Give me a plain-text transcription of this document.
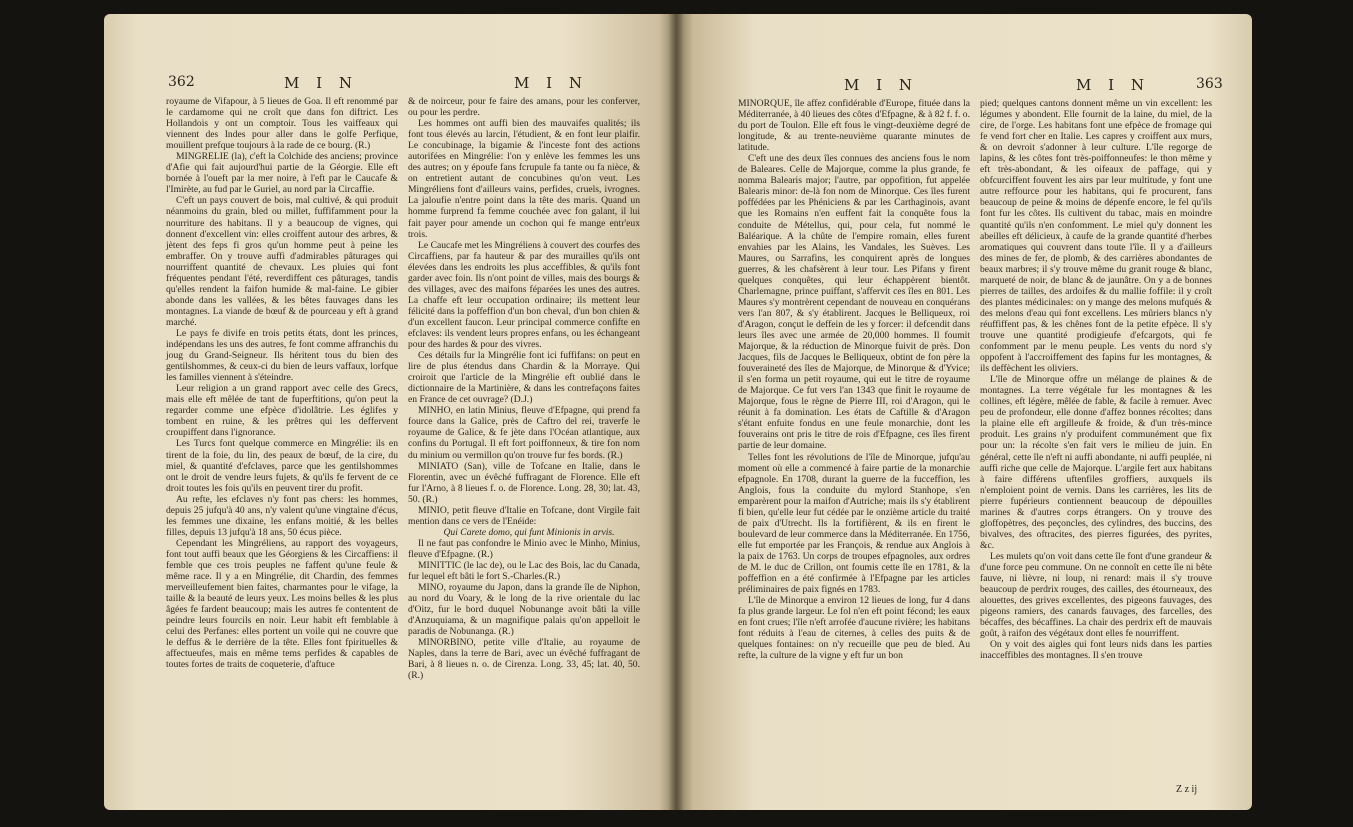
362	M I N	M I N

royaume de Vifapour, à 5 lieues de Goa. Il eft renommé par le cardamome qui ne croît que dans fon diftrict. Les Hollandois y ont un comptoir. Tous les vaiffeaux qui viennent des Indes pour aller dans le golfe Perfique, mouillent prefque toujours à la rade de ce bourg. (R.)

MINGRELIE (la), c'eft la Colchide des anciens; province d'Afie qui fait aujourd'hui partie de la Géorgie. Elle eft bornée à l'oueft par la mer noire, à l'eft par le Caucafe & l'Imirète, au fud par le Guriel, au nord par la Circaffie.

C'eft un pays couvert de bois, mal cultivé, & qui produit néanmoins du grain, bled ou millet, fuffifamment pour la nourriture des habitans. Il y a beaucoup de vignes, qui donnent d'excellent vin: elles croiffent autour des arbres, & jètent des feps fi gros qu'un homme peut à peine les embraffer. On y trouve auffi d'admirables pâturages qui nourriffent quantité de chevaux. Les pluies qui font fréquentes pendant l'été, reverdiffent ces pâturages, tandis qu'elles rendent la faifon humide & mal-faine. Le gibier abonde dans les vallées, & les bêtes fauvages dans les montagnes. La viande de bœuf & de pourceau y eft à grand marché.

Le pays fe divife en trois petits états, dont les princes, indépendans les uns des autres, fe font comme affranchis du joug du Grand-Seigneur. Ils héritent tous du bien des gentilshommes, & ceux-ci du bien de leurs vaffaux, lorfque les familles viennent à s'éteindre.

Leur religion a un grand rapport avec celle des Grecs, mais elle eft mêlée de tant de fuperftitions, qu'on peut la regarder comme une efpèce d'idolâtrie. Les églifes y tombent en ruine, & les prêtres qui les deffervent croupiffent dans l'ignorance.

Les Turcs font quelque commerce en Mingrélie: ils en tirent de la foie, du lin, des peaux de bœuf, de la cire, du miel, & quantité d'efclaves, parce que les gentilshommes ont le droit de vendre leurs fujets, & qu'ils fe fervent de ce droit toutes les fois qu'ils en peuvent tirer du profit.

Au refte, les efclaves n'y font pas chers: les hommes, depuis 25 jufqu'à 40 ans, n'y valent qu'une vingtaine d'écus, les femmes une dixaine, les enfans moitié, & les belles filles, depuis 13 jufqu'à 18 ans, 50 écus pièce.

Cependant les Mingréliens, au rapport des voyageurs, font tout auffi beaux que les Géorgiens & les Circaffiens: il femble que ces trois peuples ne faffent qu'une feule & même race. Il y a en Mingrélie, dit Chardin, des femmes merveilleufement bien faites, charmantes pour le vifage, la taille & la beauté de leurs yeux. Les moins belles & les plus âgées fe fardent beaucoup; mais les autres fe contentent de peindre leurs fourcils en noir. Leur habit eft femblable à celui des Perfanes: elles portent un voile qui ne couvre que le deffus & le derrière de la tête. Elles font fpirituelles & affectueufes, mais en même tems perfides & capables de toutes fortes de traits de coqueterie, d'aftuce

& de noirceur, pour fe faire des amans, pour les conferver, ou pour les perdre.

Les hommes ont auffi bien des mauvaifes qualités; ils font tous élevés au larcin, l'étudient, & en font leur plaifir. Le concubinage, la bigamie & l'inceste font des actions autorifées en Mingrélie: l'on y enlève les femmes les uns des autres; on y époufe fans fcrupule fa tante ou fa nièce, & on entretient autant de concubines qu'on veut. Les Mingréliens font d'ailleurs vains, perfides, cruels, ivrognes. La jaloufie n'entre point dans la tête des maris. Quand un homme furprend fa femme couchée avec fon galant, il lui fait payer pour amende un cochon qui fe mange entr'eux trois.

Le Caucafe met les Mingréliens à couvert des courfes des Circaffiens, par fa hauteur & par des murailles qu'ils ont élevées dans les endroits les plus acceffibles, & qu'ils font garder avec foin. Ils n'ont point de villes, mais des bourgs & des villages, avec des maifons féparées les unes des autres. La chaffe eft leur occupation ordinaire; ils mettent leur félicité dans la poffeffion d'un bon cheval, d'un bon chien & d'un excellent faucon. Leur principal commerce confifte en efclaves: ils vendent leurs propres enfans, ou les échangeant pour des hardes & pour des vivres.

Ces détails fur la Mingrélie font ici fuffifans: on peut en lire de plus étendus dans Chardin & la Morraye. Qui croiroit que l'article de la Mingrélie eft oublié dans le dictionnaire de la Martinière, & dans les contrefaçons faites en France de cet ouvrage? (D.J.)

MINHO, en latin Minius, fleuve d'Efpagne, qui prend fa fource dans la Galice, près de Caftro del rei, traverfe le royaume de Galice, & fe jète dans l'Océan atlantique, aux confins du Portugal. Il eft fort poiffonneux, & tire fon nom du minium ou vermillon qu'on trouve fur fes bords. (R.)

MINIATO (San), ville de Tofcane en Italie, dans le Florentin, avec un évêché fuffragant de Florence. Elle eft fur l'Arno, à 8 lieues f. o. de Florence. Long. 28, 30; lat. 43, 50. (R.)

MINIO, petit fleuve d'Italie en Tofcane, dont Virgile fait mention dans ce vers de l'Enéide:

Qui Carete domo, qui funt Minionis in arvis.

Il ne faut pas confondre le Minio avec le Minho, Minius, fleuve d'Efpagne. (R.)

MINITTIC (le lac de), ou le Lac des Bois, lac du Canada, fur lequel eft bâti le fort S.-Charles.(R.)

MINO, royaume du Japon, dans la grande île de Niphon, au nord du Voary, & le long de la rive orientale du lac d'Oitz, fur le bord duquel Nobunange avoit bâti la ville d'Anzuquiama, & un magnifique palais qu'on appelloit le paradis de Nobunanga. (R.)

MINORBINO, petite ville d'Italie, au royaume de Naples, dans la terre de Bari, avec un évêché fuffragant de Bari, à 8 lieues n. o. de Cirenza. Long. 33, 45; lat. 40, 50. (R.)

M I N	M I N	363

MINORQUE, île affez confidérable d'Europe, fituée dans la Méditerranée, à 40 lieues des côtes d'Efpagne, & à 82 f. f. o. du port de Toulon. Elle eft fous le vingt-deuxième degré de longitude, & au trente-neuvième quarante minutes de latitude.

C'eft une des deux îles connues des anciens fous le nom de Baleares. Celle de Majorque, comme la plus grande, fe nomma Balearis major; l'autre, par oppofition, fut appelée Balearis minor: de-là fon nom de Minorque. Ces îles furent poffédées par les Phéniciens & par les Carthaginois, avant que les Romains n'en euffent fait la conquête fous la conduite de Métellus, qui, pour cela, fut nommé le Baléarique. A la chûte de l'empire romain, elles furent envahies par les Alains, les Vandales, les Suèves. Les Maures, ou Sarrafins, les conquirent après de longues guerres, & les chafsèrent à leur tour. Les Pifans y firent quelques conquêtes, qui leur échappèrent bientôt. Charlemagne, prince puiffant, s'affervit ces îles en 801. Les Maures s'y montrèrent cependant de nouveau en conquérans vers l'an 807, & s'y établirent. Jacques le Belliqueux, roi d'Aragon, conçut le deffein de les y forcer: il defcendit dans leurs îles avec une armée de 20,000 hommes. Il foumit Majorque, & la réduction de Minorque fuivit de près. Don Jacques, fils de Jacques le Belliqueux, obtint de fon père la fouveraineté des îles de Majorque, de Minorque & d'Yvice; il s'en forma un petit royaume, qui eut le titre de royaume de Majorque. Ce fut vers l'an 1343 que finit le royaume de Majorque, fous le règne de Pierre III, roi d'Aragon, qui le réunit à fa domination. Les états de Caftille & d'Aragon s'étant enfuite fondus en une feule monarchie, dont les fouverains ont pris le titre de rois d'Efpagne, ces îles firent partie de leur domaine.

Telles font les révolutions de l'île de Minorque, jufqu'au moment où elle a commencé à faire partie de la monarchie efpagnole. En 1708, durant la guerre de la fucceffion, les Anglois, fous la conduite du mylord Stanhope, s'en emparèrent pour la maifon d'Autriche; mais ils s'y établirent fi bien, qu'elle leur fut cédée par le onzième article du traité de paix d'Utrecht. Ils la fortifièrent, & ils en firent le boulevard de leur commerce dans la Méditerranée. En 1756, elle fut emportée par les François, & rendue aux Anglois à la paix de 1763. Un corps de troupes efpagnoles, aux ordres de M. le duc de Crillon, ont foumis cette île en 1781, & la poffeffion en a été confirmée à l'Efpagne par les articles préliminaires de paix fignés en 1783.

L'île de Minorque a environ 12 lieues de long, fur 4 dans fa plus grande largeur. Le fol n'en eft point fécond; les eaux en font crues; l'île n'eft arrofée d'aucune rivière; les habitans font réduits à l'eau de citernes, à celles des puits & de quelques fontaines: on n'y recueille que peu de bled. Au refte, la culture de la vigne y eft fur un bon

pied; quelques cantons donnent même un vin excellent: les légumes y abondent. Elle fournit de la laine, du miel, de la cire, de l'orge. Les habitans font une efpèce de fromage qui fe vend fort cher en Italie. Les capres y croiffent aux murs, & on devroit s'adonner à leur culture. L'île regorge de lapins, & les côtes font très-poiffonneufes: le thon même y eft très-abondant, & les oifeaux de paffage, qui y obfcurciffent fouvent les airs par leur multitude, y font une autre reffource pour les habitans, qui fe procurent, fans beaucoup de peine & moins de dépenfe encore, le fel qu'ils font fur les côtes. Ils cultivent du tabac, mais en moindre quantité qu'ils n'en confomment. Le miel qu'y donnent les abeilles eft délicieux, à caufe de la grande quantité d'herbes aromatiques qui couvrent dans toute l'île. Il y a d'ailleurs des mines de fer, de plomb, & des carrières abondantes de beaux marbres; il s'y trouve même du granit rouge & blanc, marqueté de noir, de blanc & de jaunâtre. On y a de bonnes pierres de tailles, des ardoifes & du mallie foffile: il y croît des plantes médicinales: on y mange des melons mufqués & des melons d'eau qui font excellens. Les mûriers blancs n'y réuffiffent pas, & les chênes font de la petite efpèce. Il s'y trouve une quantité prodigieufe d'efcargots, qui fe confomment par le menu peuple. Les vents du nord s'y oppofent à l'accroiffement des fapins fur les montagnes, & ils deffèchent les oliviers.

L'île de Minorque offre un mélange de plaines & de montagnes. La terre végétale fur les montagnes & les collines, eft légère, mêlée de fable, & facile à remuer. Avec peu de profondeur, elle donne d'affez bonnes récoltes; dans la plaine elle eft argilleufe & froide, & d'un très-mince produit. Les grains n'y produifent communément que fix pour un: la récolte s'en fait vers le milieu de juin. En général, cette île n'eft ni auffi abondante, ni auffi peuplée, ni auffi riche que celle de Majorque. L'argile fert aux habitans à faire différens uftenfiles groffiers, auxquels ils n'emploient point de vernis. Dans les carrières, les lits de pierre fupérieurs contiennent beaucoup de dépouilles marines & d'autres corps étrangers. On y trouve des gloffopètres, des peçoncles, des cylindres, des buccins, des bivalves, des oftracites, des pierres figurées, des pyrites, &c.

Les mulets qu'on voit dans cette île font d'une grandeur & d'une force peu commune. On ne connoît en cette île ni bête fauve, ni lièvre, ni loup, ni renard: mais il s'y trouve beaucoup de perdrix rouges, des cailles, des étourneaux, des alouettes, des grives excellentes, des pigeons fauvages, des pigeons ramiers, des canards fauvages, des farcelles, des bécaffes, des bécaffines. La chair des perdrix eft de mauvais goût, à raifon des végétaux dont elles fe nourriffent.

On y voit des aigles qui font leurs nids dans les parties inacceffibles des montagnes. Il s'en trouve

Z z ij
